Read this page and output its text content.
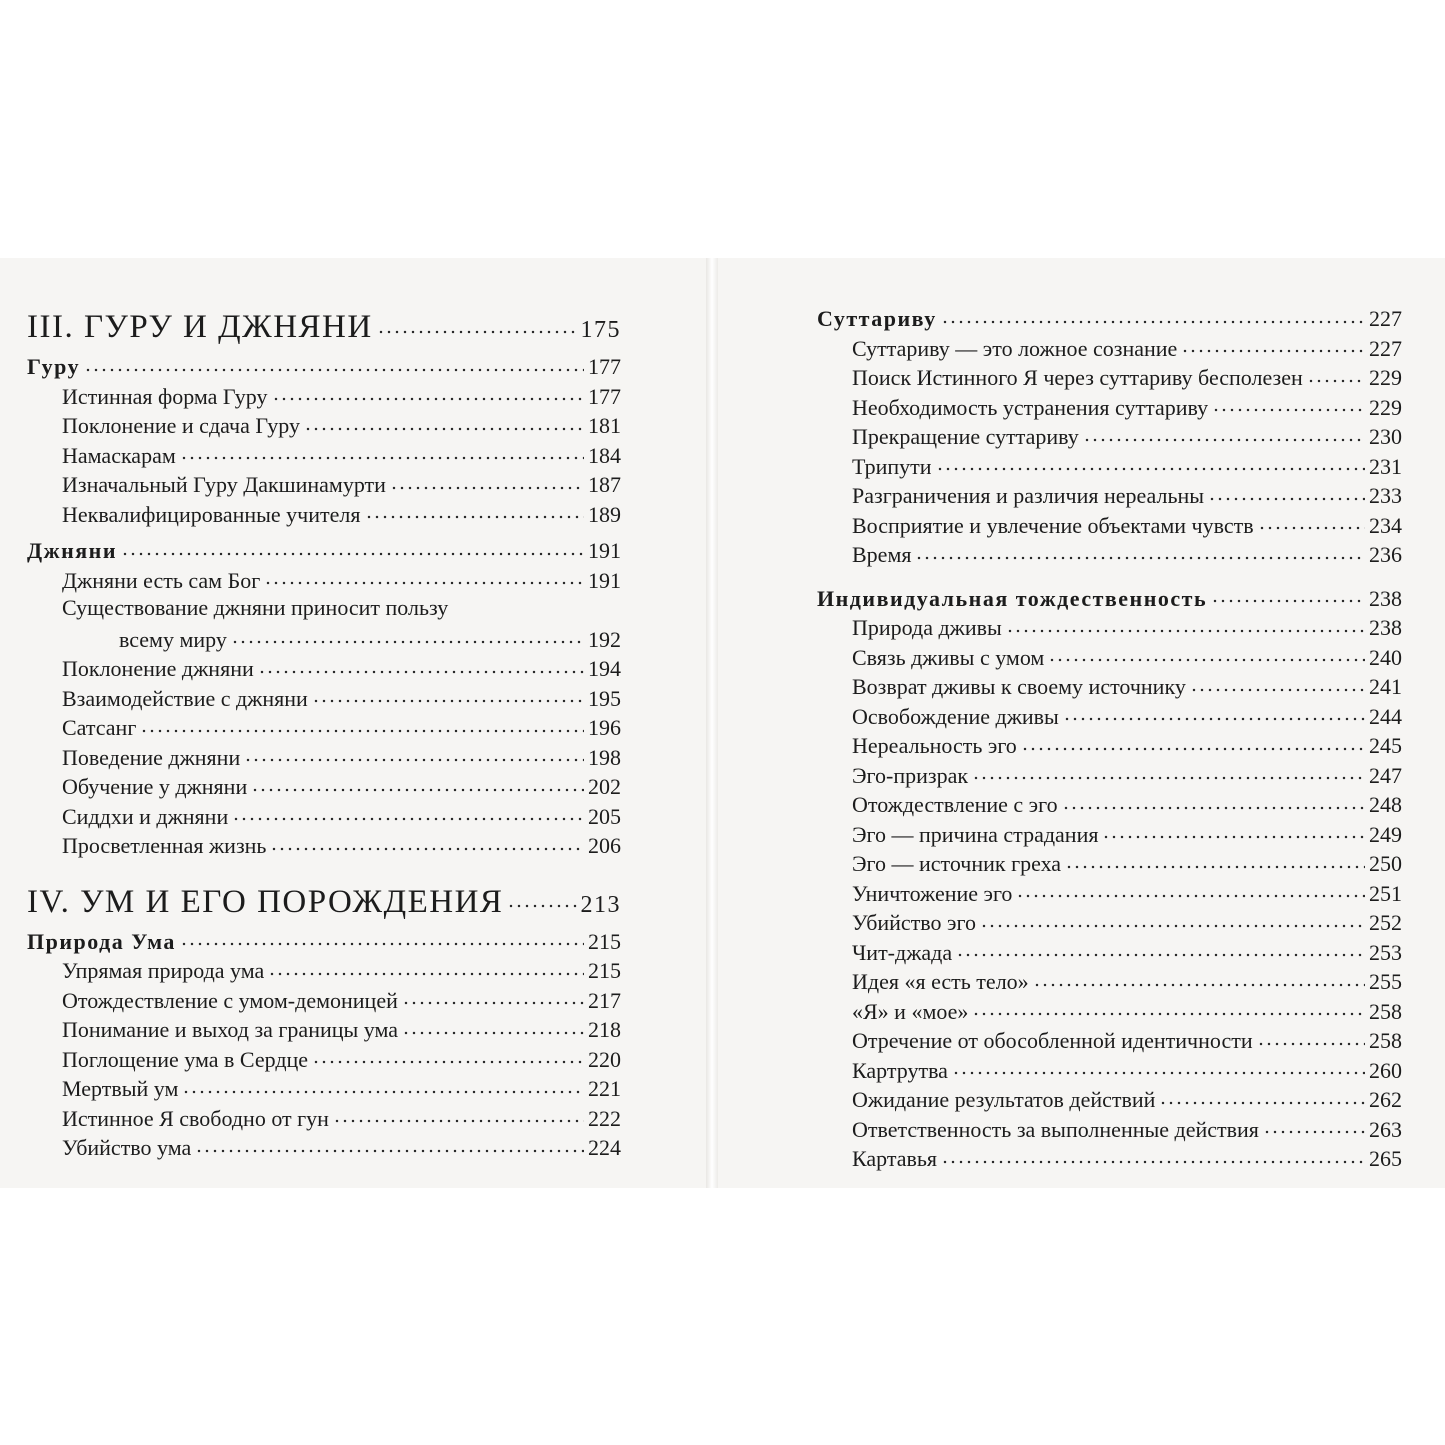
III. ГУРУ И ДЖНЯНИ	175
Гуру	177
Истинная форма Гуру	177
Поклонение и сдача Гуру	181
Намаскарам	184
Изначальный Гуру Дакшинамурти	187
Неквалифицированные учителя	189
Джняни	191
Джняни есть сам Бог	191
Существование джняни приносит пользу
всему миру	192
Поклонение джняни	194
Взаимодействие с джняни	195
Сатсанг	196
Поведение джняни	198
Обучение у джняни	202
Сиддхи и джняни	205
Просветленная жизнь	206
IV. УМ И ЕГО ПОРОЖДЕНИЯ	213
Природа Ума	215
Упрямая природа ума	215
Отождествление с умом-демоницей	217
Понимание и выход за границы ума	218
Поглощение ума в Сердце	220
Мертвый ум	221
Истинное Я свободно от гун	222
Убийство ума	224
Суттариву	227
Суттариву — это ложное сознание	227
Поиск Истинного Я через суттариву бесполезен	229
Необходимость устранения суттариву	229
Прекращение суттариву	230
Трипути	231
Разграничения и различия нереальны	233
Восприятие и увлечение объектами чувств	234
Время	236
Индивидуальная тождественность	238
Природа дживы	238
Связь дживы с умом	240
Возврат дживы к своему источнику	241
Освобождение дживы	244
Нереальность эго	245
Эго-призрак	247
Отождествление с эго	248
Эго — причина страдания	249
Эго — источник греха	250
Уничтожение эго	251
Убийство эго	252
Чит-джада	253
Идея «я есть тело»	255
«Я» и «мое»	258
Отречение от обособленной идентичности	258
Картрутва	260
Ожидание результатов действий	262
Ответственность за выполненные действия	263
Картавья	265
